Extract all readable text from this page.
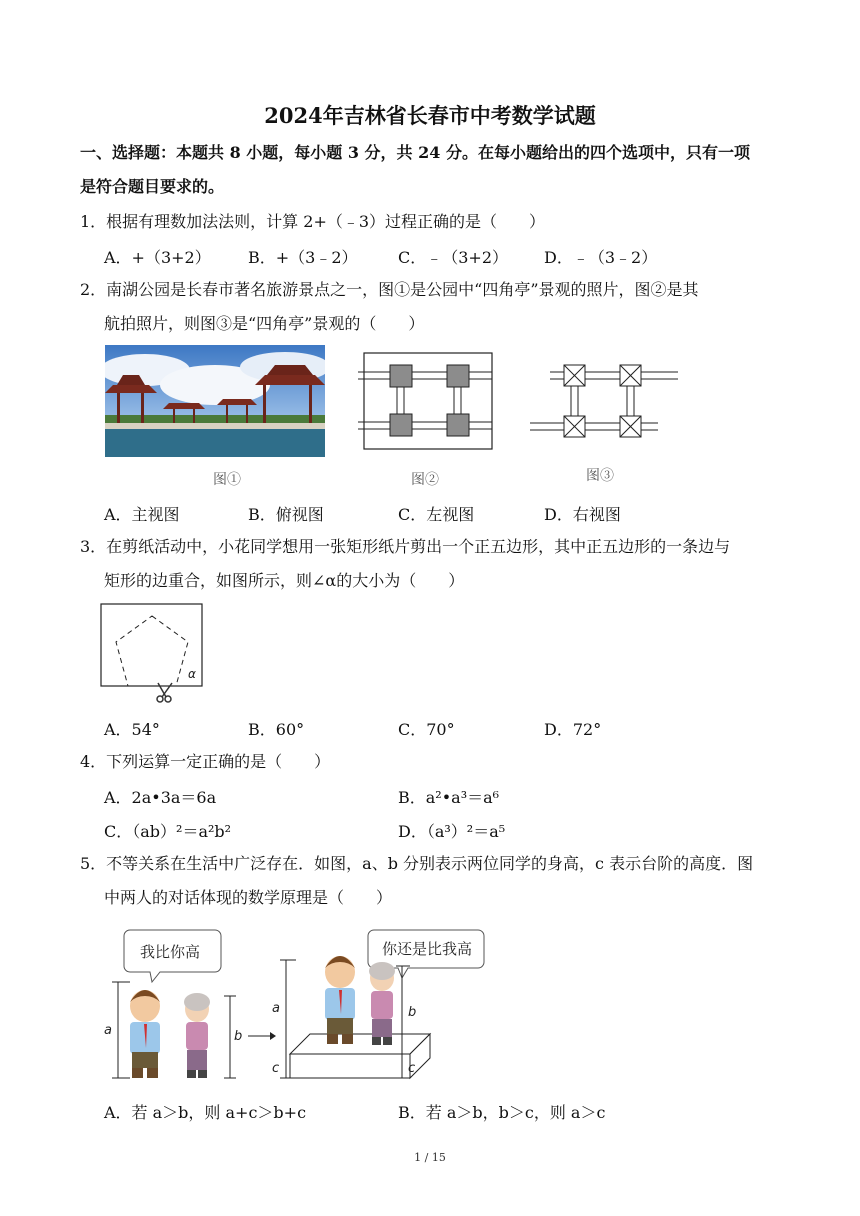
2024年吉林省长春市中考数学试题
一、选择题：本题共 8 小题，每小题 3 分，共 24 分。在每小题给出的四个选项中，只有一项
是符合题目要求的。
1．根据有理数加法法则，计算 2+（﹣3）过程正确的是（　　）
A．+（3+2） B．+（3﹣2）	C．﹣（3+2） D．﹣（3﹣2）
2．南湖公园是长春市著名旅游景点之一，图①是公园中“四角亭”景观的照片，图②是其
航拍照片，则图③是“四角亭”景观的（　　）
图①	图②	图③
A．主视图	B．俯视图	C．左视图	D．右视图
3．在剪纸活动中，小花同学想用一张矩形纸片剪出一个正五边形，其中正五边形的一条边与
矩形的边重合，如图所示，则∠α的大小为（　　）
α
A．54°	B．60°	C．70°	D．72°
4．下列运算一定正确的是（　　）
A．2a•3a＝6a	B．a²•a³＝a⁶
C．（ab）²＝a²b²	D．（a³）²＝a⁵
5．不等关系在生活中广泛存在．如图，a、b 分别表示两位同学的身高，c 表示台阶的高度．图
中两人的对话体现的数学原理是（　　）
我比你高
a	b
你还是比我高
a
c
b
c
A．若 a＞b，则 a+c＞b+c	B．若 a＞b，b＞c，则 a＞c
1 / 15
